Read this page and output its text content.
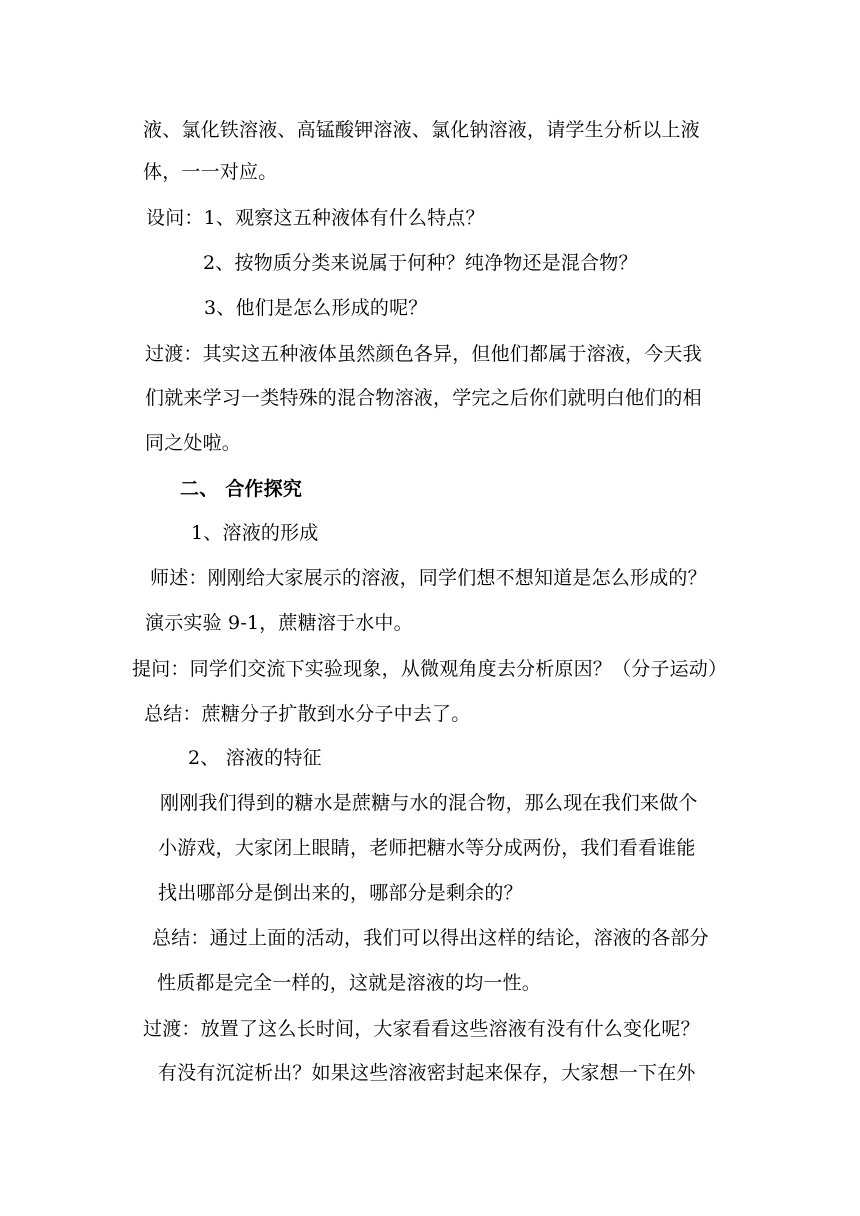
液、氯化铁溶液、高锰酸钾溶液、氯化钠溶液，请学生分析以上液
体，一一对应。
设问：1、观察这五种液体有什么特点？
2、按物质分类来说属于何种？纯净物还是混合物？
3、他们是怎么形成的呢？
过渡：其实这五种液体虽然颜色各异，但他们都属于溶液，今天我
们就来学习一类特殊的混合物溶液，学完之后你们就明白他们的相
同之处啦。
二、 合作探究
1、溶液的形成
师述：刚刚给大家展示的溶液，同学们想不想知道是怎么形成的？
演示实验 9-1，蔗糖溶于水中。
提问：同学们交流下实验现象，从微观角度去分析原因？（分子运动）
总结：蔗糖分子扩散到水分子中去了。
2、 溶液的特征
刚刚我们得到的糖水是蔗糖与水的混合物，那么现在我们来做个
小游戏，大家闭上眼睛，老师把糖水等分成两份，我们看看谁能
找出哪部分是倒出来的，哪部分是剩余的？
总结：通过上面的活动，我们可以得出这样的结论，溶液的各部分
性质都是完全一样的，这就是溶液的均一性。
过渡：放置了这么长时间，大家看看这些溶液有没有什么变化呢？
有没有沉淀析出？如果这些溶液密封起来保存，大家想一下在外
